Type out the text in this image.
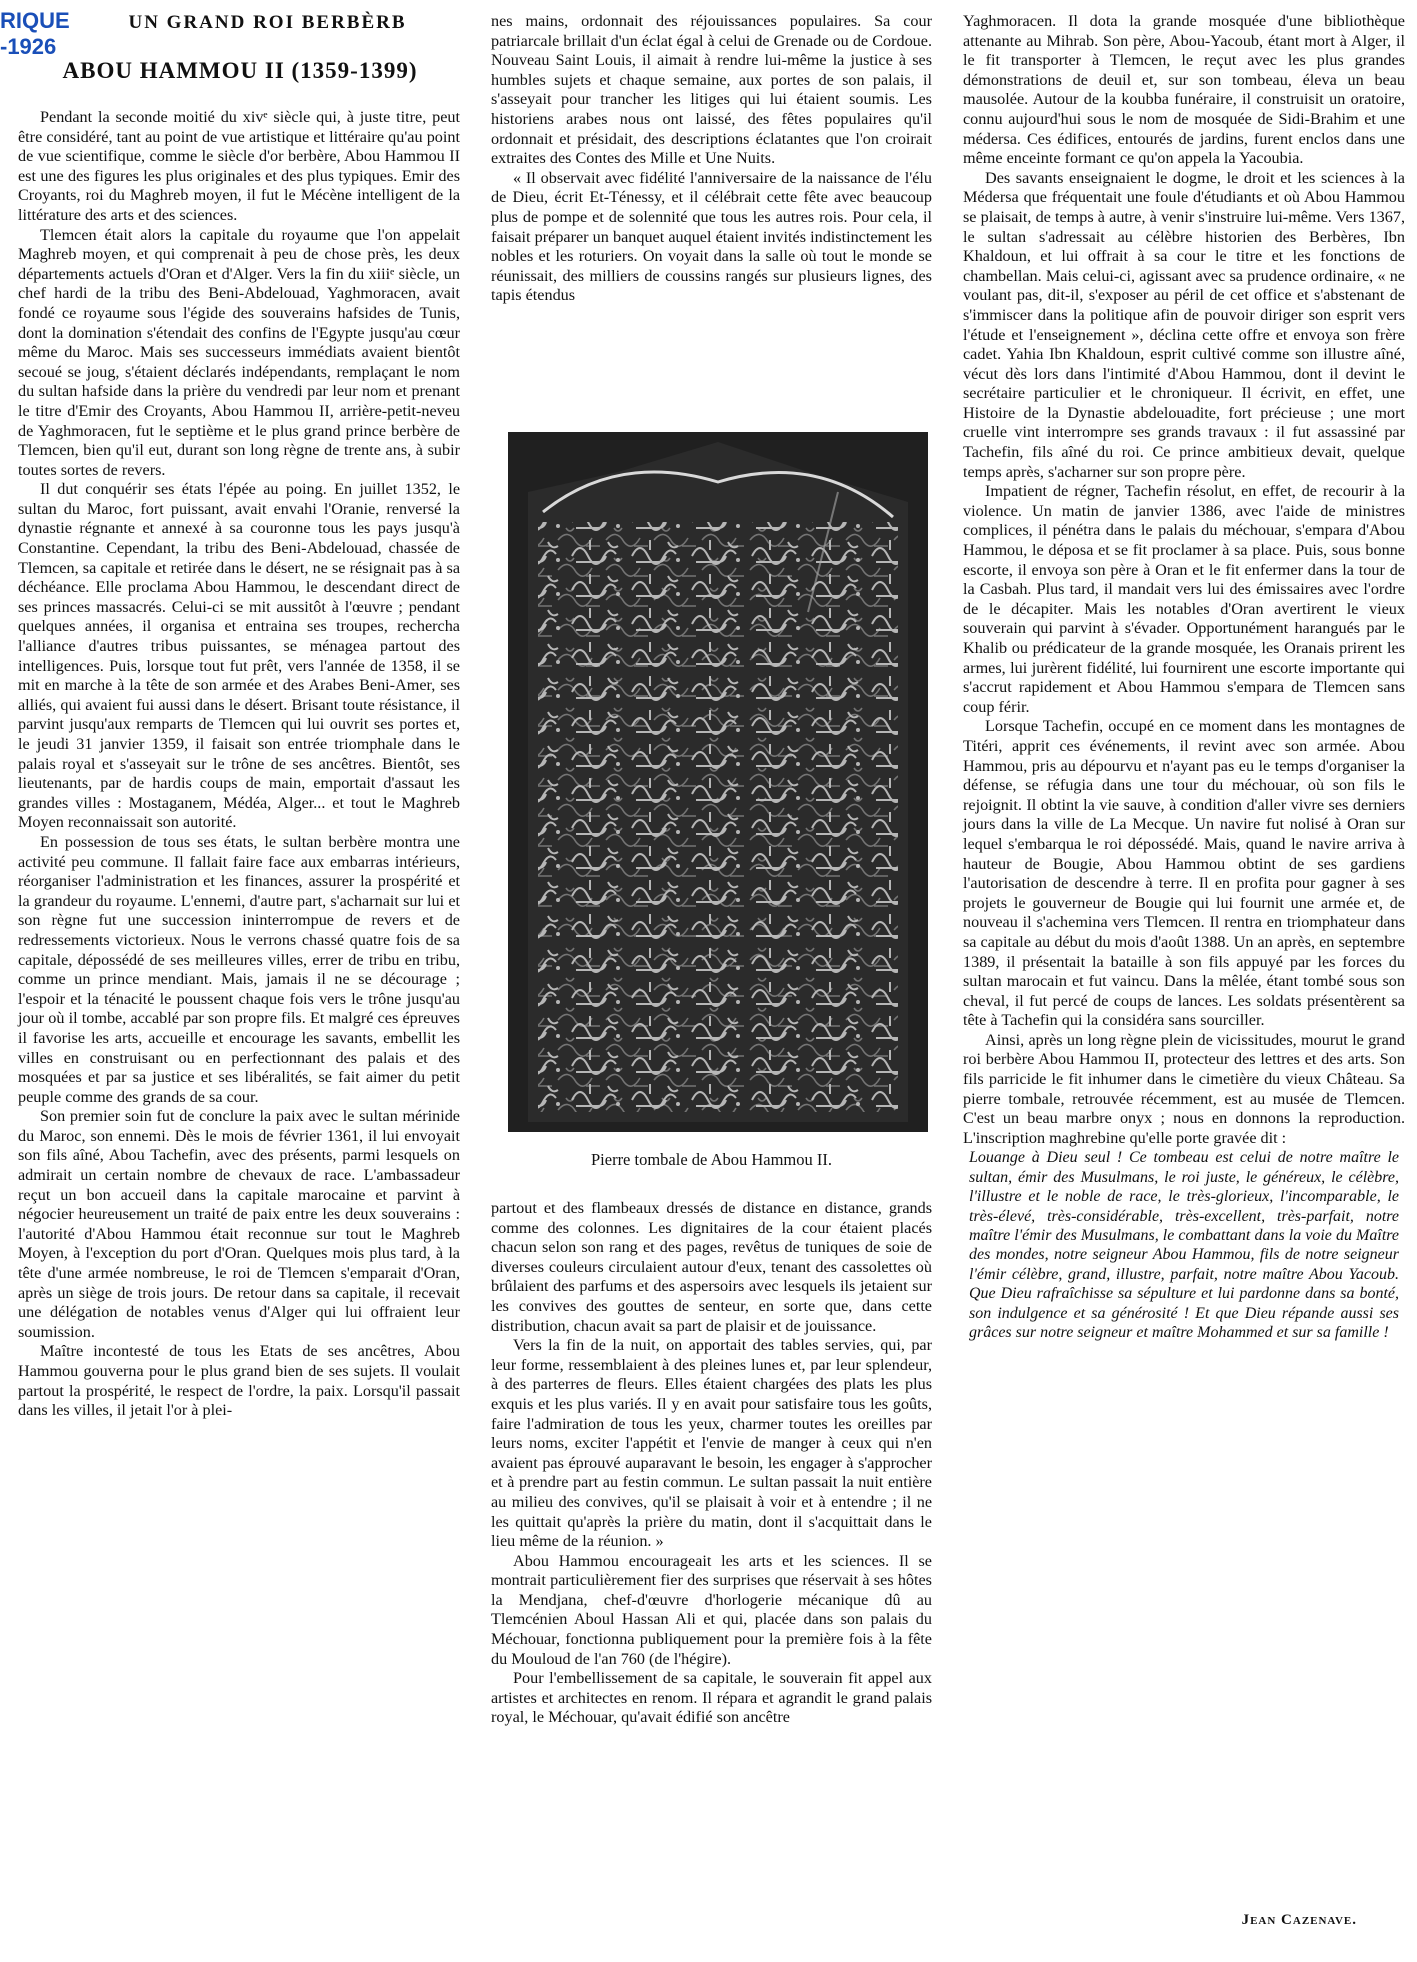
RIQUE
-1926
UN GRAND ROI BERBÈRB
ABOU HAMMOU II (1359-1399)

Pendant la seconde moitié du xivᵉ siècle qui, à juste titre, peut être considéré, tant au point de vue artistique et littéraire qu'au point de vue scientifique, comme le siècle d'or berbère, Abou Hammou II est une des figures les plus originales et des plus typiques. Emir des Croyants, roi du Maghreb moyen, il fut le Mécène intelligent de la littérature des arts et des sciences.

Tlemcen était alors la capitale du royaume que l'on appelait Maghreb moyen, et qui comprenait à peu de chose près, les deux départements actuels d'Oran et d'Alger. Vers la fin du xiiiᵉ siècle, un chef hardi de la tribu des Beni-Abdelouad, Yaghmoracen, avait fondé ce royaume sous l'égide des souverains hafsides de Tunis, dont la domination s'étendait des confins de l'Egypte jusqu'au cœur même du Maroc. Mais ses successeurs immédiats avaient bientôt secoué se joug, s'étaient déclarés indépendants, remplaçant le nom du sultan hafside dans la prière du vendredi par leur nom et prenant le titre d'Emir des Croyants, Abou Hammou II, arrière-petit-neveu de Yaghmoracen, fut le septième et le plus grand prince berbère de Tlemcen, bien qu'il eut, durant son long règne de trente ans, à subir toutes sortes de revers.

Il dut conquérir ses états l'épée au poing. En juillet 1352, le sultan du Maroc, fort puissant, avait envahi l'Oranie, renversé la dynastie régnante et annexé à sa couronne tous les pays jusqu'à Constantine. Cependant, la tribu des Beni-Abdelouad, chassée de Tlemcen, sa capitale et retirée dans le désert, ne se résignait pas à sa déchéance. Elle proclama Abou Hammou, le descendant direct de ses princes massacrés. Celui-ci se mit aussitôt à l'œuvre ; pendant quelques années, il organisa et entraina ses troupes, rechercha l'alliance d'autres tribus puissantes, se ménagea partout des intelligences. Puis, lorsque tout fut prêt, vers l'année de 1358, il se mit en marche à la tête de son armée et des Arabes Beni-Amer, ses alliés, qui avaient fui aussi dans le désert. Brisant toute résistance, il parvint jusqu'aux remparts de Tlemcen qui lui ouvrit ses portes et, le jeudi 31 janvier 1359, il faisait son entrée triomphale dans le palais royal et s'asseyait sur le trône de ses ancêtres. Bientôt, ses lieutenants, par de hardis coups de main, emportait d'assaut les grandes villes : Mostaganem, Médéa, Alger... et tout le Maghreb Moyen reconnaissait son autorité.

En possession de tous ses états, le sultan berbère montra une activité peu commune. Il fallait faire face aux embarras intérieurs, réorganiser l'administration et les finances, assurer la prospérité et la grandeur du royaume. L'ennemi, d'autre part, s'acharnait sur lui et son règne fut une succession ininterrompue de revers et de redressements victorieux. Nous le verrons chassé quatre fois de sa capitale, dépossédé de ses meilleures villes, errer de tribu en tribu, comme un prince mendiant. Mais, jamais il ne se décourage ; l'espoir et la ténacité le poussent chaque fois vers le trône jusqu'au jour où il tombe, accablé par son propre fils. Et malgré ces épreuves il favorise les arts, accueille et encourage les savants, embellit les villes en construisant ou en perfectionnant des palais et des mosquées et par sa justice et ses libéralités, se fait aimer du petit peuple comme des grands de sa cour.

Son premier soin fut de conclure la paix avec le sultan mérinide du Maroc, son ennemi. Dès le mois de février 1361, il lui envoyait son fils aîné, Abou Tachefin, avec des présents, parmi lesquels on admirait un certain nombre de chevaux de race. L'ambassadeur reçut un bon accueil dans la capitale marocaine et parvint à négocier heureusement un traité de paix entre les deux souverains : l'autorité d'Abou Hammou était reconnue sur tout le Maghreb Moyen, à l'exception du port d'Oran. Quelques mois plus tard, à la tête d'une armée nombreuse, le roi de Tlemcen s'emparait d'Oran, après un siège de trois jours. De retour dans sa capitale, il recevait une délégation de notables venus d'Alger qui lui offraient leur soumission.

Maître incontesté de tous les Etats de ses ancêtres, Abou Hammou gouverna pour le plus grand bien de ses sujets. Il voulait partout la prospérité, le respect de l'ordre, la paix. Lorsqu'il passait dans les villes, il jetait l'or à plei-

nes mains, ordonnait des réjouissances populaires. Sa cour patriarcale brillait d'un éclat égal à celui de Grenade ou de Cordoue. Nouveau Saint Louis, il aimait à rendre lui-même la justice à ses humbles sujets et chaque semaine, aux portes de son palais, il s'asseyait pour trancher les litiges qui lui étaient soumis. Les historiens arabes nous ont laissé, des fêtes populaires qu'il ordonnait et présidait, des descriptions éclatantes que l'on croirait extraites des Contes des Mille et Une Nuits.

« Il observait avec fidélité l'anniversaire de la naissance de l'élu de Dieu, écrit Et-Ténessy, et il célébrait cette fête avec beaucoup plus de pompe et de solennité que tous les autres rois. Pour cela, il faisait préparer un banquet auquel étaient invités indistinctement les nobles et les roturiers. On voyait dans la salle où tout le monde se réunissait, des milliers de coussins rangés sur plusieurs lignes, des tapis étendus

Pierre tombale de Abou Hammou II.

partout et des flambeaux dressés de distance en distance, grands comme des colonnes. Les dignitaires de la cour étaient placés chacun selon son rang et des pages, revêtus de tuniques de soie de diverses couleurs circulaient autour d'eux, tenant des cassolettes où brûlaient des parfums et des aspersoirs avec lesquels ils jetaient sur les convives des gouttes de senteur, en sorte que, dans cette distribution, chacun avait sa part de plaisir et de jouissance.

Vers la fin de la nuit, on apportait des tables servies, qui, par leur forme, ressemblaient à des pleines lunes et, par leur splendeur, à des parterres de fleurs. Elles étaient chargées des plats les plus exquis et les plus variés. Il y en avait pour satisfaire tous les goûts, faire l'admiration de tous les yeux, charmer toutes les oreilles par leurs noms, exciter l'appétit et l'envie de manger à ceux qui n'en avaient pas éprouvé auparavant le besoin, les engager à s'approcher et à prendre part au festin commun. Le sultan passait la nuit entière au milieu des convives, qu'il se plaisait à voir et à entendre ; il ne les quittait qu'après la prière du matin, dont il s'acquittait dans le lieu même de la réunion. »

Abou Hammou encourageait les arts et les sciences. Il se montrait particulièrement fier des surprises que réservait à ses hôtes la Mendjana, chef-d'œuvre d'horlogerie mécanique dû au Tlemcénien Aboul Hassan Ali et qui, placée dans son palais du Méchouar, fonctionna publiquement pour la première fois à la fête du Mouloud de l'an 760 (de l'hégire).

Pour l'embellissement de sa capitale, le souverain fit appel aux artistes et architectes en renom. Il répara et agrandit le grand palais royal, le Méchouar, qu'avait édifié son ancêtre

Yaghmoracen. Il dota la grande mosquée d'une bibliothèque attenante au Mihrab. Son père, Abou-Yacoub, étant mort à Alger, il le fit transporter à Tlemcen, le reçut avec les plus grandes démonstrations de deuil et, sur son tombeau, éleva un beau mausolée. Autour de la koubba funéraire, il construisit un oratoire, connu aujourd'hui sous le nom de mosquée de Sidi-Brahim et une médersa. Ces édifices, entourés de jardins, furent enclos dans une même enceinte formant ce qu'on appela la Yacoubia.

Des savants enseignaient le dogme, le droit et les sciences à la Médersa que fréquentait une foule d'étudiants et où Abou Hammou se plaisait, de temps à autre, à venir s'instruire lui-même. Vers 1367, le sultan s'adressait au célèbre historien des Berbères, Ibn Khaldoun, et lui offrait à sa cour le titre et les fonctions de chambellan. Mais celui-ci, agissant avec sa prudence ordinaire, « ne voulant pas, dit-il, s'exposer au péril de cet office et s'abstenant de s'immiscer dans la politique afin de pouvoir diriger son esprit vers l'étude et l'enseignement », déclina cette offre et envoya son frère cadet. Yahia Ibn Khaldoun, esprit cultivé comme son illustre aîné, vécut dès lors dans l'intimité d'Abou Hammou, dont il devint le secrétaire particulier et le chroniqueur. Il écrivit, en effet, une Histoire de la Dynastie abdelouadite, fort précieuse ; une mort cruelle vint interrompre ses grands travaux : il fut assassiné par Tachefin, fils aîné du roi. Ce prince ambitieux devait, quelque temps après, s'acharner sur son propre père.

Impatient de régner, Tachefin résolut, en effet, de recourir à la violence. Un matin de janvier 1386, avec l'aide de ministres complices, il pénétra dans le palais du méchouar, s'empara d'Abou Hammou, le déposa et se fit proclamer à sa place. Puis, sous bonne escorte, il envoya son père à Oran et le fit enfermer dans la tour de la Casbah. Plus tard, il mandait vers lui des émissaires avec l'ordre de le décapiter. Mais les notables d'Oran avertirent le vieux souverain qui parvint à s'évader. Opportunément harangués par le Khalib ou prédicateur de la grande mosquée, les Oranais prirent les armes, lui jurèrent fidélité, lui fournirent une escorte importante qui s'accrut rapidement et Abou Hammou s'empara de Tlemcen sans coup férir.

Lorsque Tachefin, occupé en ce moment dans les montagnes de Titéri, apprit ces événements, il revint avec son armée. Abou Hammou, pris au dépourvu et n'ayant pas eu le temps d'organiser la défense, se réfugia dans une tour du méchouar, où son fils le rejoignit. Il obtint la vie sauve, à condition d'aller vivre ses derniers jours dans la ville de La Mecque. Un navire fut nolisé à Oran sur lequel s'embarqua le roi dépossédé. Mais, quand le navire arriva à hauteur de Bougie, Abou Hammou obtint de ses gardiens l'autorisation de descendre à terre. Il en profita pour gagner à ses projets le gouverneur de Bougie qui lui fournit une armée et, de nouveau il s'achemina vers Tlemcen. Il rentra en triomphateur dans sa capitale au début du mois d'août 1388. Un an après, en septembre 1389, il présentait la bataille à son fils appuyé par les forces du sultan marocain et fut vaincu. Dans la mêlée, étant tombé sous son cheval, il fut percé de coups de lances. Les soldats présentèrent sa tête à Tachefin qui la considéra sans sourciller.

Ainsi, après un long règne plein de vicissitudes, mourut le grand roi berbère Abou Hammou II, protecteur des lettres et des arts. Son fils parricide le fit inhumer dans le cimetière du vieux Château. Sa pierre tombale, retrouvée récemment, est au musée de Tlemcen. C'est un beau marbre onyx ; nous en donnons la reproduction. L'inscription maghrebine qu'elle porte gravée dit :

Louange à Dieu seul ! Ce tombeau est celui de notre maître le sultan, émir des Musulmans, le roi juste, le généreux, le célèbre, l'illustre et le noble de race, le très-glorieux, l'incomparable, le très-élevé, très-considérable, très-excellent, très-parfait, notre maître l'émir des Musulmans, le combattant dans la voie du Maître des mondes, notre seigneur Abou Hammou, fils de notre seigneur l'émir célèbre, grand, illustre, parfait, notre maître Abou Yacoub. Que Dieu rafraîchisse sa sépulture et lui pardonne dans sa bonté, son indulgence et sa générosité ! Et que Dieu répande aussi ses grâces sur notre seigneur et maître Mohammed et sur sa famille !

Jean Cazenave.
